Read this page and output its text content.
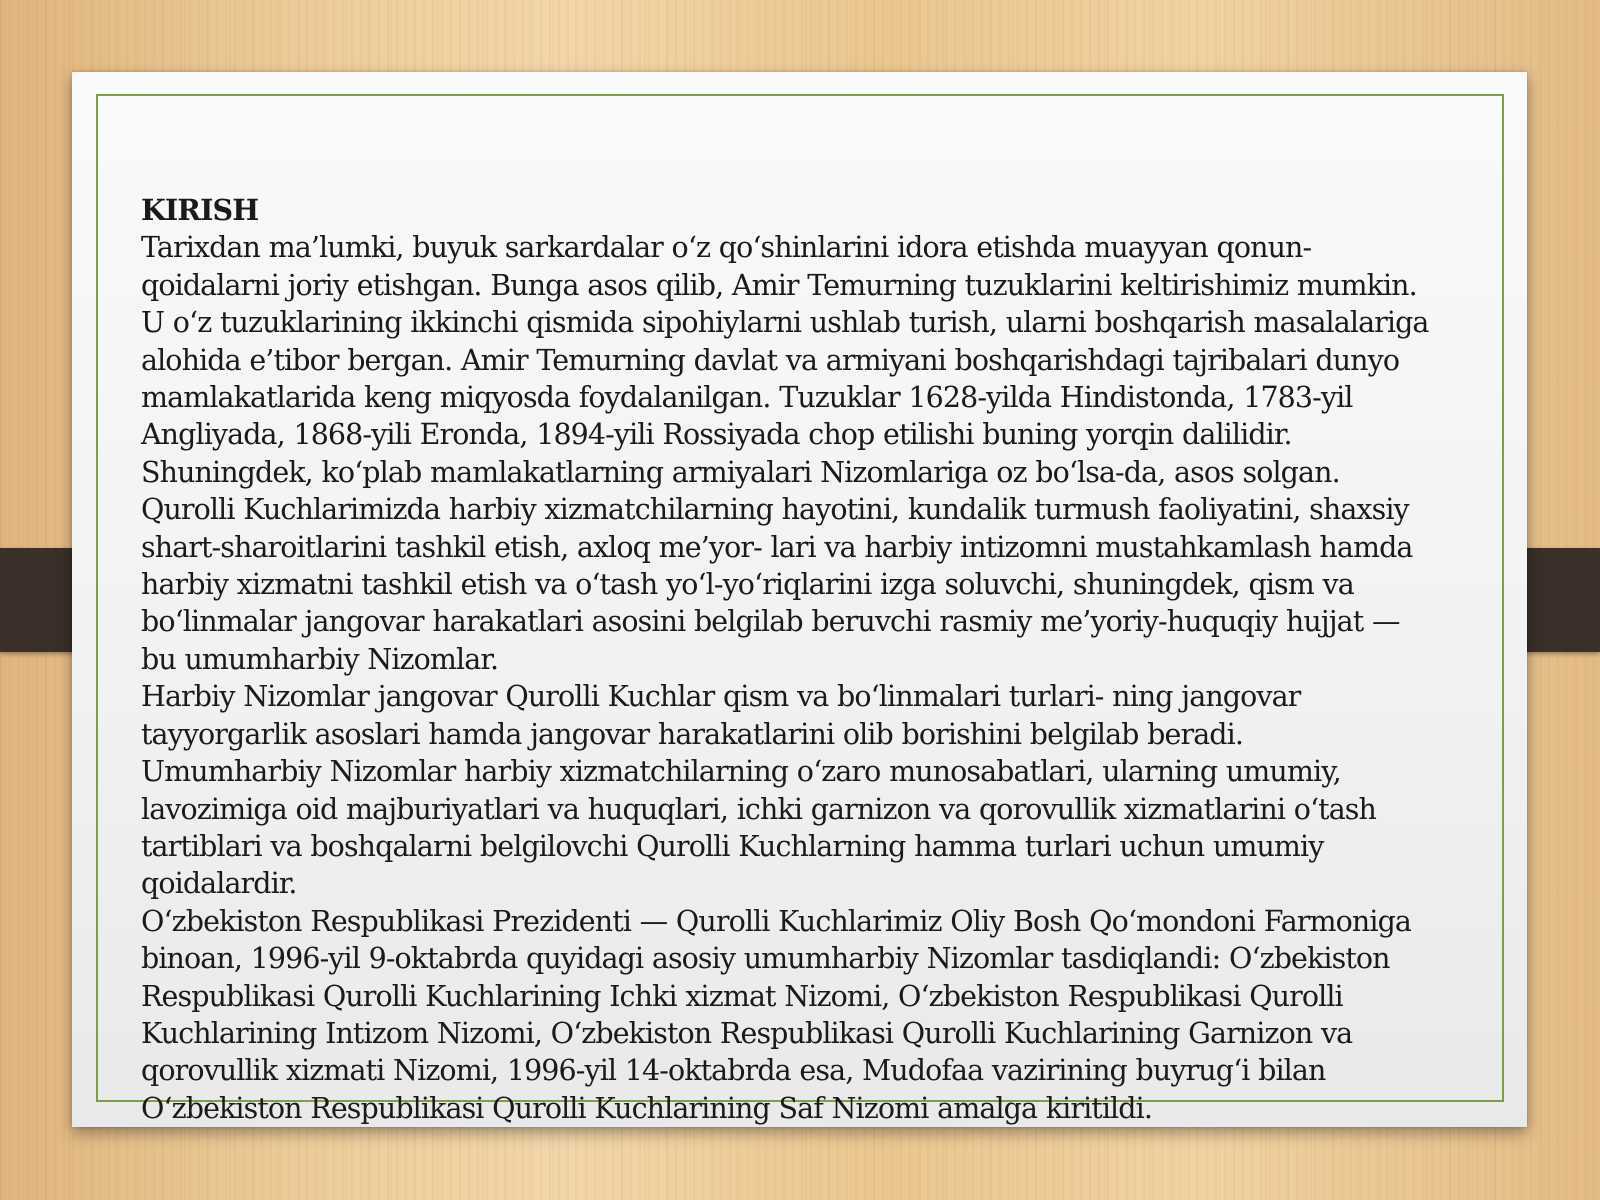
KIRISH

Tarixdan ma’lumki, buyuk sarkardalar o‘z qo‘shinlarini idora etishda muayyan qonun-qoidalarni joriy etishgan. Bunga asos qilib, Amir Temurning tuzuklarini keltirishimiz mumkin. U o‘z tuzuklarining ikkinchi qismida sipohiylarni ushlab turish, ularni boshqarish masalalariga alohida e’tibor bergan. Amir Temurning davlat va armiyani boshqarishdagi tajribalari dunyo mamlakatlarida keng miqyosda foydalanilgan. Tuzuklar 1628-yilda Hindistonda, 1783-yil Angliyada, 1868-yili Eronda, 1894-yili Rossiyada chop etilishi buning yorqin dalilidir. Shuningdek, ko‘plab mamlakatlarning armiyalari Nizomlariga oz bo‘lsa-da, asos solgan.

Qurolli Kuchlarimizda harbiy xizmatchilarning hayotini, kundalik turmush faoliyatini, shaxsiy shart-sharoitlarini tashkil etish, axloq me’yor- lari va harbiy intizomni mustahkamlash hamda harbiy xizmatni tashkil etish va o‘tash yo‘l-yo‘riqlarini izga soluvchi, shuningdek, qism va bo‘linmalar jangovar harakatlari asosini belgilab beruvchi rasmiy me’yoriy-huquqiy hujjat — bu umumharbiy Nizomlar.

Harbiy Nizomlar jangovar Qurolli Kuchlar qism va bo‘linmalari turlari- ning jangovar tayyorgarlik asoslari hamda jangovar harakatlarini olib borishini belgilab beradi.

Umumharbiy Nizomlar harbiy xizmatchilarning o‘zaro munosabatlari, ularning umumiy, lavozimiga oid majburiyatlari va huquqlari, ichki garnizon va qorovullik xizmatlarini o‘tash tartiblari va boshqalarni belgilovchi Qurolli Kuchlarning hamma turlari uchun umumiy qoidalardir.

O‘zbekiston Respublikasi Prezidenti — Qurolli Kuchlarimiz Oliy Bosh Qo‘mondoni Farmoniga binoan, 1996-yil 9-oktabrda quyidagi asosiy umumharbiy Nizomlar tasdiqlandi: O‘zbekiston Respublikasi Qurolli Kuchlarining Ichki xizmat Nizomi, O‘zbekiston Respublikasi Qurolli Kuchlarining Intizom Nizomi, O‘zbekiston Respublikasi Qurolli Kuchlarining Garnizon va qorovullik xizmati Nizomi, 1996-yil 14-oktabrda esa, Mudofaa vazirining buyrug‘i bilan O‘zbekiston Respublikasi Qurolli Kuchlarining Saf Nizomi amalga kiritildi.
